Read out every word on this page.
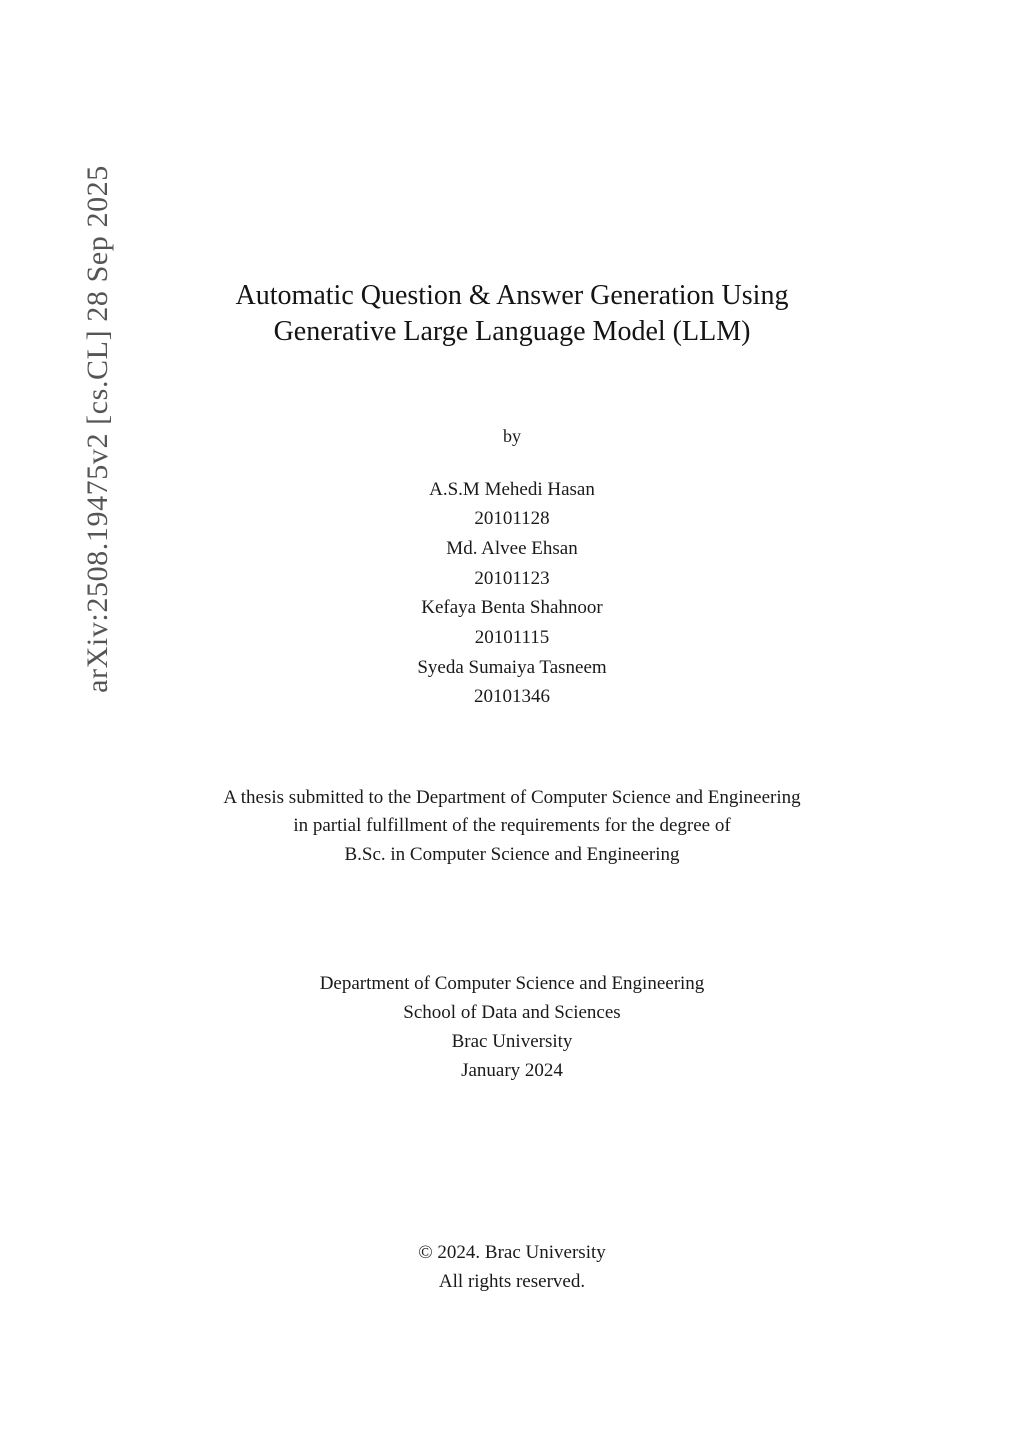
arXiv:2508.19475v2 [cs.CL] 28 Sep 2025	Automatic Question & Answer Generation Using
Generative Large Language Model (LLM)
by
A.S.M Mehedi Hasan
20101128
Md. Alvee Ehsan
20101123
Kefaya Benta Shahnoor
20101115
Syeda Sumaiya Tasneem
20101346
A thesis submitted to the Department of Computer Science and Engineering
in partial fulfillment of the requirements for the degree of
B.Sc. in Computer Science and Engineering
Department of Computer Science and Engineering
School of Data and Sciences
Brac University
January 2024
© 2024. Brac University
All rights reserved.
